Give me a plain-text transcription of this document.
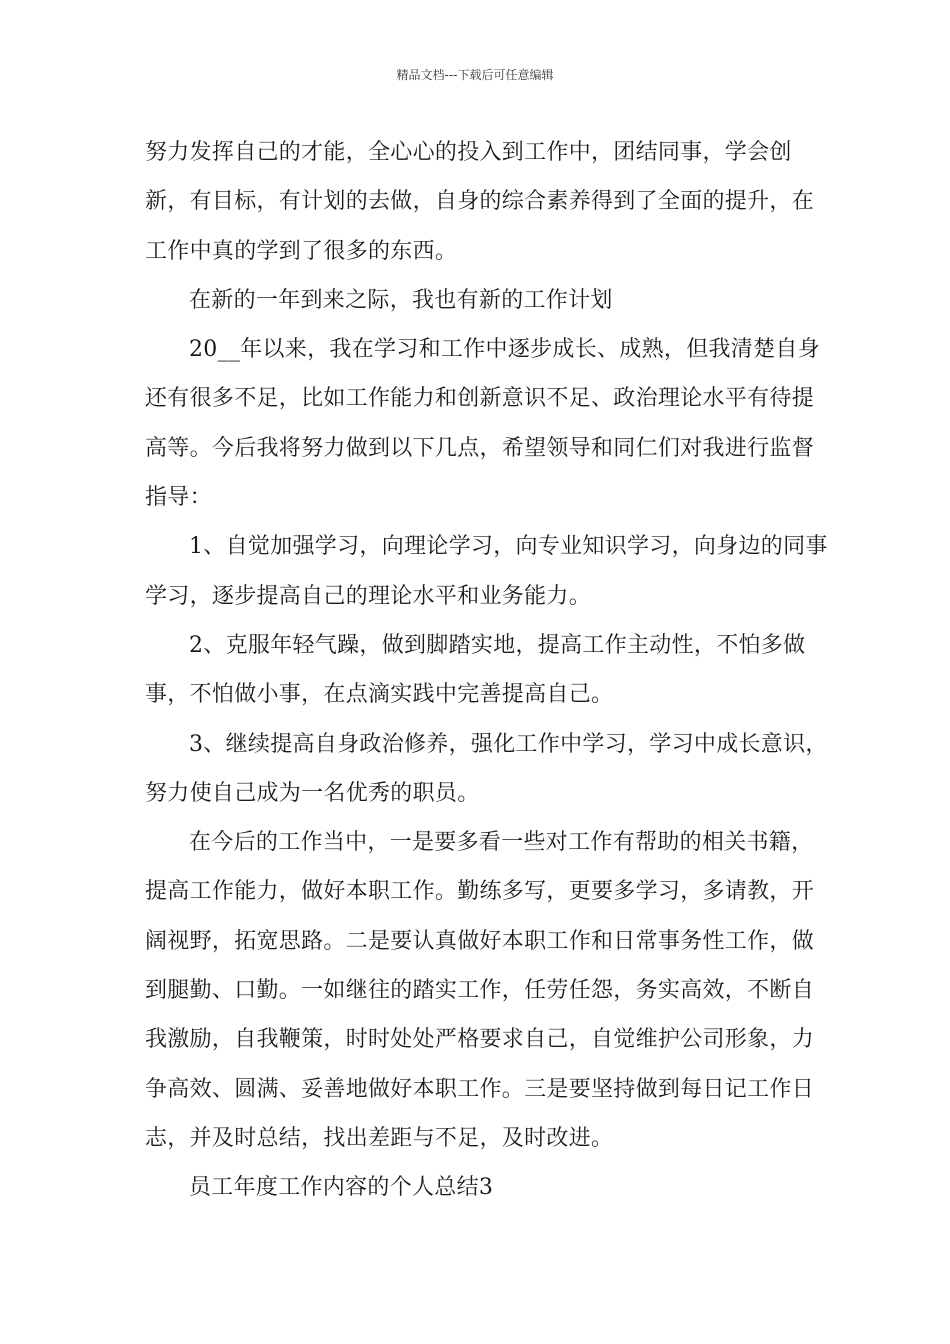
精品文档---下载后可任意编辑

努力发挥自己的才能，全心心的投入到工作中，团结同事，学会创新，有目标，有计划的去做，自身的综合素养得到了全面的提升，在工作中真的学到了很多的东西。

在新的一年到来之际，我也有新的工作计划

20__年以来，我在学习和工作中逐步成长、成熟，但我清楚自身还有很多不足，比如工作能力和创新意识不足、政治理论水平有待提高等。今后我将努力做到以下几点，希望领导和同仁们对我进行监督指导：

1、自觉加强学习，向理论学习，向专业知识学习，向身边的同事学习，逐步提高自己的理论水平和业务能力。

2、克服年轻气躁，做到脚踏实地，提高工作主动性，不怕多做事，不怕做小事，在点滴实践中完善提高自己。

3、继续提高自身政治修养，强化工作中学习，学习中成长意识，努力使自己成为一名优秀的职员。

在今后的工作当中，一是要多看一些对工作有帮助的相关书籍，提高工作能力，做好本职工作。勤练多写，更要多学习，多请教，开阔视野，拓宽思路。二是要认真做好本职工作和日常事务性工作，做到腿勤、口勤。一如继往的踏实工作，任劳任怨，务实高效，不断自我激励，自我鞭策，时时处处严格要求自己，自觉维护公司形象，力争高效、圆满、妥善地做好本职工作。三是要坚持做到每日记工作日志，并及时总结，找出差距与不足，及时改进。

员工年度工作内容的个人总结3
